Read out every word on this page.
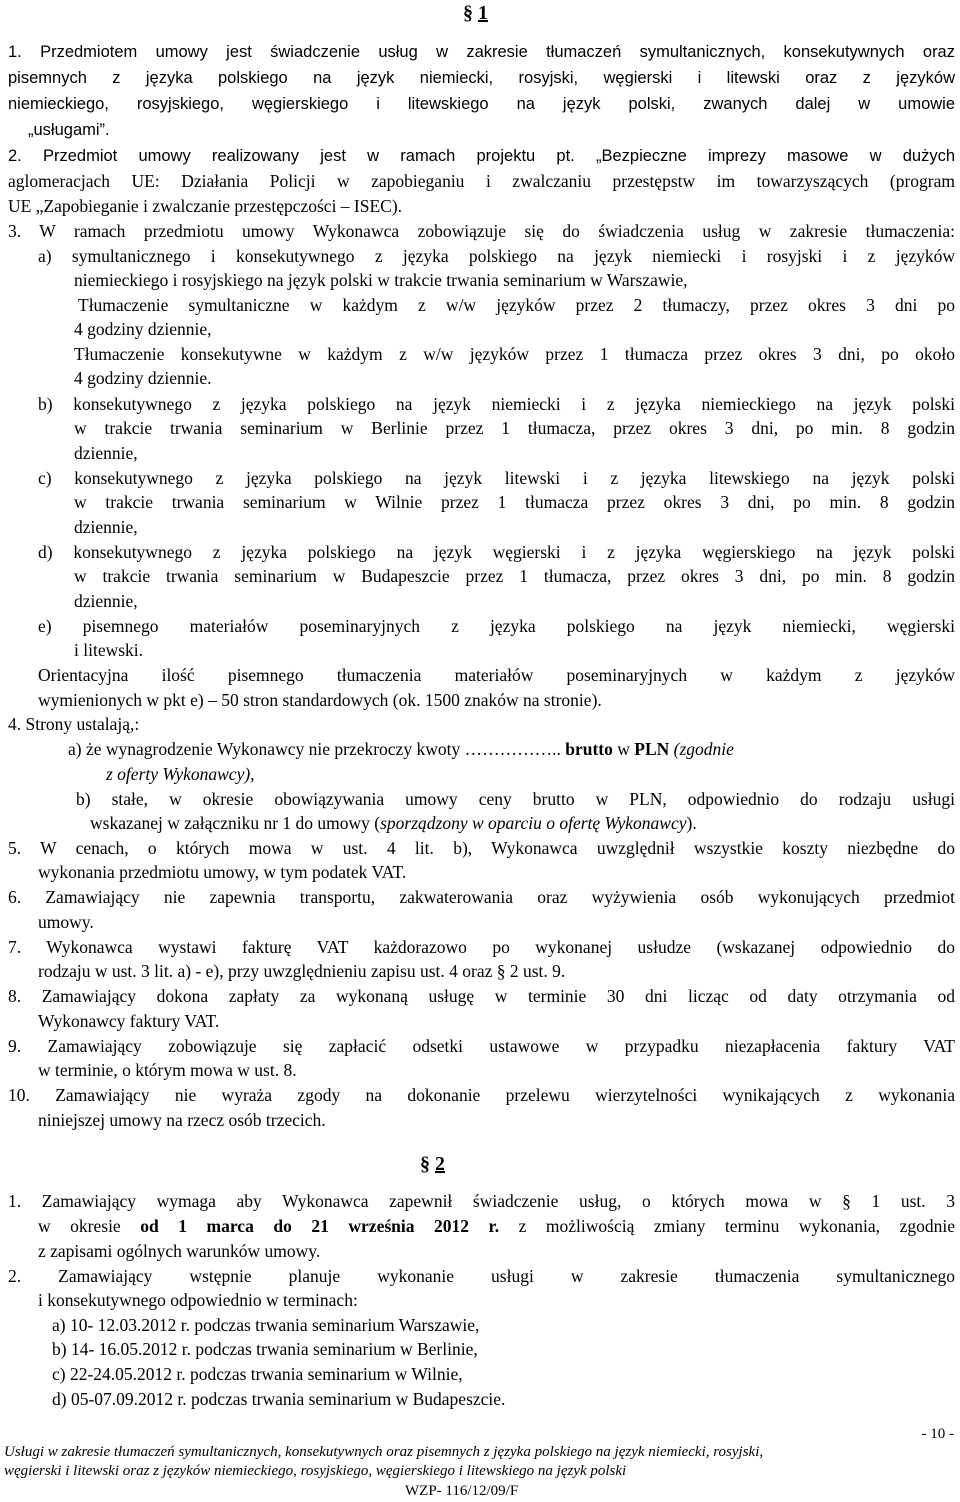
§ 1
1. Przedmiotem umowy jest świadczenie usług w zakresie tłumaczeń symultanicznych, konsekutywnych oraz
pisemnych z języka polskiego na język niemiecki, rosyjski, węgierski i litewski oraz z języków
niemieckiego, rosyjskiego, węgierskiego i litewskiego na język polski, zwanych dalej w umowie
„usługami”.
2. Przedmiot umowy realizowany jest w ramach projektu pt. „Bezpieczne imprezy masowe w dużych
aglomeracjach UE: Działania Policji w zapobieganiu i zwalczaniu przestępstw im towarzyszących (program
UE „Zapobieganie i zwalczanie przestępczości – ISEC).
3. W ramach przedmiotu umowy Wykonawca zobowiązuje się do świadczenia usług w zakresie tłumaczenia:
a) symultanicznego i konsekutywnego z języka polskiego na język niemiecki i rosyjski i z języków
niemieckiego i rosyjskiego na język polski w trakcie trwania seminarium w Warszawie,
Tłumaczenie symultaniczne w każdym z w/w języków przez 2 tłumaczy, przez okres 3 dni po
4 godziny dziennie,
Tłumaczenie konsekutywne w każdym z w/w języków przez 1 tłumacza przez okres 3 dni, po około
4 godziny dziennie.
b) konsekutywnego z języka polskiego na język niemiecki i z języka niemieckiego na język polski
w trakcie trwania seminarium w Berlinie przez 1 tłumacza, przez okres 3 dni, po min. 8 godzin
dziennie,
c) konsekutywnego z języka polskiego na język litewski i z języka litewskiego na język polski
w trakcie trwania seminarium w Wilnie przez 1 tłumacza przez okres 3 dni, po min. 8 godzin
dziennie,
d) konsekutywnego z języka polskiego na język węgierski i z języka węgierskiego na język polski
w trakcie trwania seminarium w Budapeszcie przez 1 tłumacza, przez okres 3 dni, po min. 8 godzin
dziennie,
e) pisemnego materiałów poseminaryjnych z języka polskiego na język niemiecki, węgierski
i litewski.
Orientacyjna ilość pisemnego tłumaczenia materiałów poseminaryjnych w każdym z języków
wymienionych w pkt e) – 50 stron standardowych (ok. 1500 znaków na stronie).
4. Strony ustalają,:
a) że wynagrodzenie Wykonawcy nie przekroczy kwoty …………….. brutto w PLN (zgodnie
z oferty Wykonawcy),
b) stałe, w okresie obowiązywania umowy ceny brutto w PLN, odpowiednio do rodzaju usługi
wskazanej w załączniku nr 1 do umowy (sporządzony w oparciu o ofertę Wykonawcy).
5. W cenach, o których mowa w ust. 4 lit. b), Wykonawca uwzględnił wszystkie koszty niezbędne do
wykonania przedmiotu umowy, w tym podatek VAT.
6. Zamawiający nie zapewnia transportu, zakwaterowania oraz wyżywienia osób wykonujących przedmiot
umowy.
7. Wykonawca wystawi fakturę VAT każdorazowo po wykonanej usłudze (wskazanej odpowiednio do
rodzaju w ust. 3 lit. a) - e), przy uwzględnieniu zapisu ust. 4 oraz § 2 ust. 9.
8. Zamawiający dokona zapłaty za wykonaną usługę w terminie 30 dni licząc od daty otrzymania od
Wykonawcy faktury VAT.
9. Zamawiający zobowiązuje się zapłacić odsetki ustawowe w przypadku niezapłacenia faktury VAT
w terminie, o którym mowa w ust. 8.
10. Zamawiający nie wyraża zgody na dokonanie przelewu wierzytelności wynikających z wykonania
niniejszej umowy na rzecz osób trzecich.
§ 2
1. Zamawiający wymaga aby Wykonawca zapewnił świadczenie usług, o których mowa w § 1 ust. 3
w okresie od 1 marca do 21 września 2012 r. z możliwością zmiany terminu wykonania, zgodnie
z zapisami ogólnych warunków umowy.
2. Zamawiający wstępnie planuje wykonanie usługi w zakresie tłumaczenia symultanicznego
i konsekutywnego odpowiednio w terminach:
a) 10- 12.03.2012 r. podczas trwania seminarium Warszawie,
b) 14- 16.05.2012 r. podczas trwania seminarium w Berlinie,
c) 22-24.05.2012 r. podczas trwania seminarium w Wilnie,
d) 05-07.09.2012 r. podczas trwania seminarium w Budapeszcie.
- 10 -
Usługi w zakresie tłumaczeń symultanicznych, konsekutywnych oraz pisemnych z języka polskiego na język niemiecki, rosyjski,
węgierski i litewski oraz z języków niemieckiego, rosyjskiego, węgierskiego i litewskiego na język polski
WZP- 116/12/09/F
